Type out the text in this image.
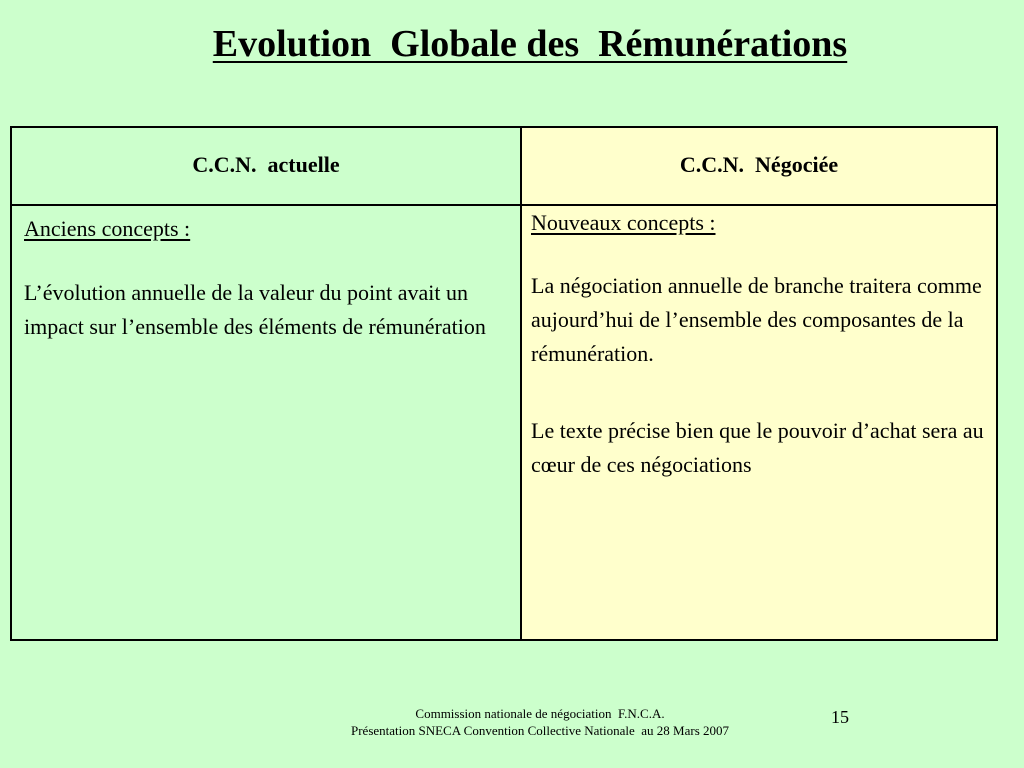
Evolution  Globale des  Rémunérations
C.C.N.  actuelle	C.C.N.  Négociée
Anciens concepts :
L’évolution annuelle de la valeur du point avait un impact sur l’ensemble des éléments de rémunération
Nouveaux concepts :
La négociation annuelle de branche traitera comme aujourd’hui de l’ensemble des composantes de la rémunération.
Le texte précise bien que le pouvoir d’achat sera au cœur de ces négociations
Commission nationale de négociation  F.N.C.A.
Présentation SNECA Convention Collective Nationale  au 28 Mars 2007
15
